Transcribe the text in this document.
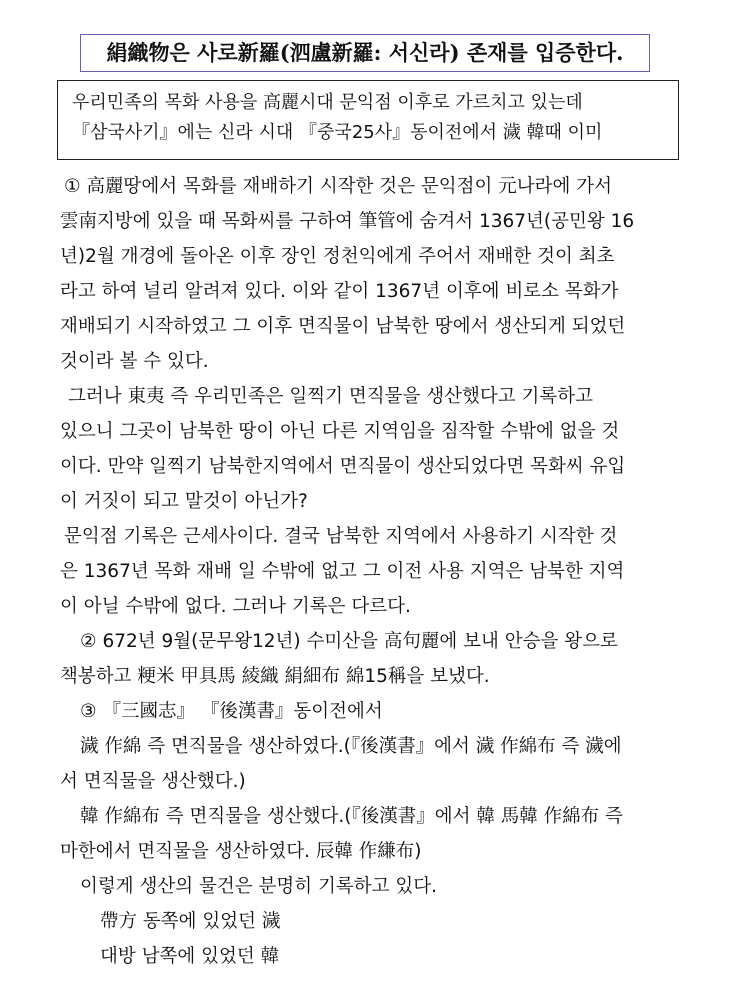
絹織物은 사로新羅(泗盧新羅: 서신라) 존재를 입증한다.
우리민족의 목화 사용을 高麗시대 문익점 이후로 가르치고 있는데
『삼국사기』에는 신라 시대 『중국25사』동이전에서 濊 韓때 이미
① 高麗땅에서 목화를 재배하기 시작한 것은 문익점이 元나라에 가서
雲南지방에 있을 때 목화씨를 구하여 筆管에 숨겨서 1367년(공민왕 16
년)2월 개경에 돌아온 이후 장인 정천익에게 주어서 재배한 것이 최초
라고 하여 널리 알려져 있다. 이와 같이 1367년 이후에 비로소 목화가
재배되기 시작하였고 그 이후 면직물이 남북한 땅에서 생산되게 되었던
것이라 볼 수 있다.
그러나 東夷 즉 우리민족은 일찍기 면직물을 생산했다고 기록하고
있으니 그곳이 남북한 땅이 아닌 다른 지역임을 짐작할 수밖에 없을 것
이다. 만약 일찍기 남북한지역에서 면직물이 생산되었다면 목화씨 유입
이 거짓이 되고 말것이 아닌가?
문익점 기록은 근세사이다. 결국 남북한 지역에서 사용하기 시작한 것
은 1367년 목화 재배 일 수밖에 없고 그 이전 사용 지역은 남북한 지역
이 아닐 수밖에 없다. 그러나 기록은 다르다.
② 672년 9월(문무왕12년) 수미산을 高句麗에 보내 안승을 왕으로
책봉하고 粳米 甲具馬 綾織 絹細布 綿15稱을 보냈다.
③ 『三國志』 『後漢書』동이전에서
濊 作綿 즉 면직물을 생산하였다.(『後漢書』에서 濊 作綿布 즉 濊에
서 면직물을 생산했다.)
韓 作綿布 즉 면직물을 생산했다.(『後漢書』에서 韓 馬韓 作綿布 즉
마한에서 면직물을 생산하였다. 辰韓 作縑布)
이렇게 생산의 물건은 분명히 기록하고 있다.
帶方 동쪽에 있었던 濊
대방 남쪽에 있었던 韓
